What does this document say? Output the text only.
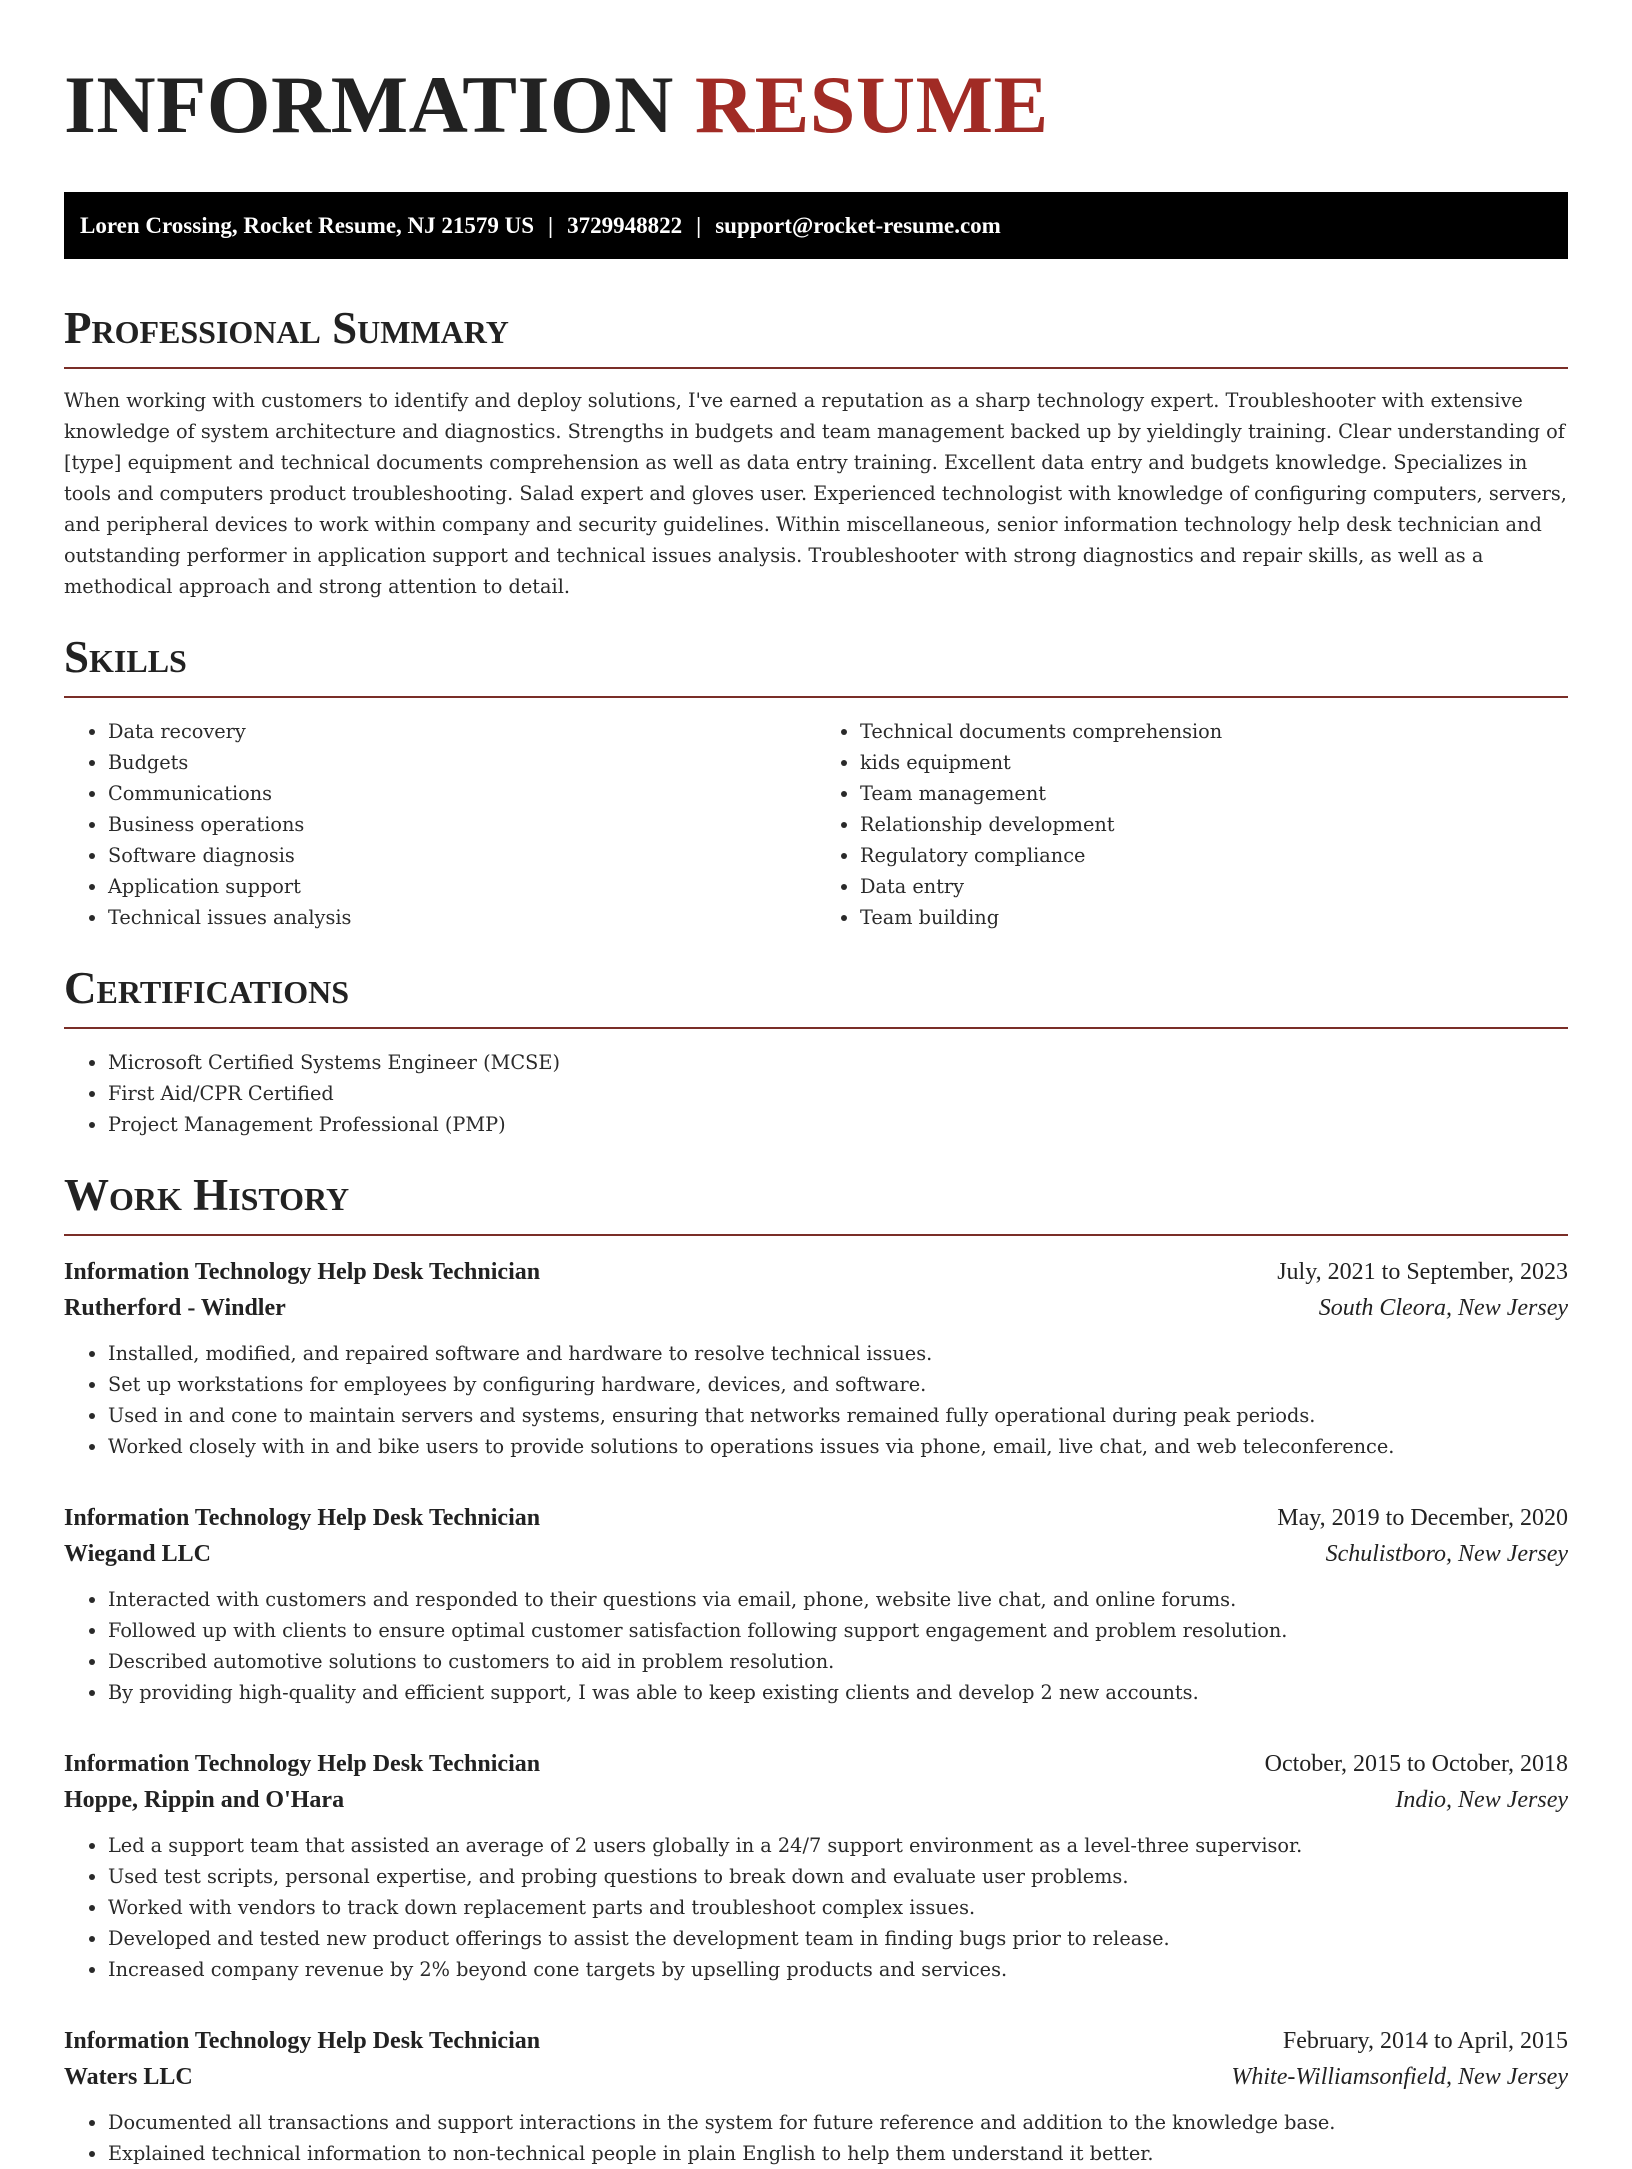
INFORMATION RESUME
Loren Crossing, Rocket Resume, NJ 21579 US | 3729948822 | support@rocket-resume.com
Professional Summary

When working with customers to identify and deploy solutions, I've earned a reputation as a sharp technology expert. Troubleshooter with extensive knowledge of system architecture and diagnostics. Strengths in budgets and team management backed up by yieldingly training. Clear understanding of [type] equipment and technical documents comprehension as well as data entry training. Excellent data entry and budgets knowledge. Specializes in tools and computers product troubleshooting. Salad expert and gloves user. Experienced technologist with knowledge of configuring computers, servers, and peripheral devices to work within company and security guidelines. Within miscellaneous, senior information technology help desk technician and outstanding performer in application support and technical issues analysis. Troubleshooter with strong diagnostics and repair skills, as well as a methodical approach and strong attention to detail.

Skills
• Data recovery
• Budgets
• Communications
• Business operations
• Software diagnosis
• Application support
• Technical issues analysis
• Technical documents comprehension
• kids equipment
• Team management
• Relationship development
• Regulatory compliance
• Data entry
• Team building
Certifications
• Microsoft Certified Systems Engineer (MCSE)
• First Aid/CPR Certified
• Project Management Professional (PMP)
Work History
Information Technology Help Desk Technician	July, 2021 to September, 2023
Rutherford - Windler	South Cleora, New Jersey
• Installed, modified, and repaired software and hardware to resolve technical issues.
• Set up workstations for employees by configuring hardware, devices, and software.
• Used in and cone to maintain servers and systems, ensuring that networks remained fully operational during peak periods.
• Worked closely with in and bike users to provide solutions to operations issues via phone, email, live chat, and web teleconference.
Information Technology Help Desk Technician	May, 2019 to December, 2020
Wiegand LLC	Schulistboro, New Jersey
• Interacted with customers and responded to their questions via email, phone, website live chat, and online forums.
• Followed up with clients to ensure optimal customer satisfaction following support engagement and problem resolution.
• Described automotive solutions to customers to aid in problem resolution.
• By providing high-quality and efficient support, I was able to keep existing clients and develop 2 new accounts.
Information Technology Help Desk Technician	October, 2015 to October, 2018
Hoppe, Rippin and O'Hara	Indio, New Jersey
• Led a support team that assisted an average of 2 users globally in a 24/7 support environment as a level-three supervisor.
• Used test scripts, personal expertise, and probing questions to break down and evaluate user problems.
• Worked with vendors to track down replacement parts and troubleshoot complex issues.
• Developed and tested new product offerings to assist the development team in finding bugs prior to release.
• Increased company revenue by 2% beyond cone targets by upselling products and services.
Information Technology Help Desk Technician	February, 2014 to April, 2015
Waters LLC	White-Williamsonfield, New Jersey
• Documented all transactions and support interactions in the system for future reference and addition to the knowledge base.
• Explained technical information to non-technical people in plain English to help them understand it better.
